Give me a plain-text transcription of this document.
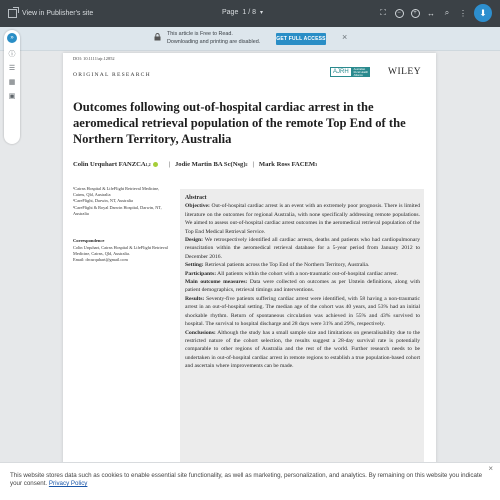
View in Publisher's site	Page 1 / 8 ▾	⛶	−	+	↔	⌕	⋮	⬇
This article is Free to Read.
Downloading and printing are disabled.	GET FULL ACCESS ×
»
ⓘ
☰
▦
▣
DOI: 10.1111/ajr.12852
ORIGINAL RESEARCH	AJRH	Australian
Rural Health
Alliance	WILEY
Outcomes following out-of-hospital cardiac arrest in the aeromedical retrieval population of the remote Top End of the Northern Territory, Australia
Colin Urquhart FANZCA 1,2	| Jodie Martin BA Sc(Nsg) 2 | Mark Ross FACEM 3
¹Cairns Hospital & LifeFlight Retrieval Medicine, Cairns, Qld, Australia
²CareFlight, Darwin, NT, Australia
³CareFlight & Royal Darwin Hospital, Darwin, NT, Australia
Correspondence
Colin Urquhart, Cairns Hospital & LifeFlight Retrieval Medicine, Cairns, Qld, Australia.
Email: drcurquhart@gmail.com
Abstract

Objective: Out-of-hospital cardiac arrest is an event with an extremely poor prognosis. There is limited literature on the outcomes for regional Australia, with none specifically addressing remote populations. We aimed to assess out-of-hospital cardiac arrest outcomes in the aeromedical retrieval population of the Top End Medical Retrieval Service.

Design: We retrospectively identified all cardiac arrests, deaths and patients who had cardiopulmonary resuscitation within the aeromedical retrieval database for a 5-year period from January 2012 to December 2016.

Setting: Retrieval patients across the Top End of the Northern Territory, Australia.

Participants: All patients within the cohort with a non-traumatic out-of-hospital cardiac arrest.

Main outcome measures: Data were collected on outcomes as per Utstein definitions, along with patient demographics, retrieval timings and interventions.

Results: Seventy-five patients suffering cardiac arrest were identified, with 58 having a non-traumatic arrest in an out-of-hospital setting. The median age of the cohort was 40 years, and 53% had an initial shockable rhythm. Return of spontaneous circulation was achieved in 55% and 43% survived to hospital. The survival to hospital discharge and 28 days were 31% and 29%, respectively.

Conclusions: Although the study has a small sample size and limitations on generalisability due to the restricted nature of the cohort selection, the results suggest a 28-day survival rate is potentially comparable to other regions of Australia and the rest of the world. Further research needs to be undertaken in out-of-hospital cardiac arrest in remote regions to establish a true population-based cohort and ascertain where improvements can be made.

This website stores data such as cookies to enable essential site functionality, as well as marketing, personalization, and analytics. By remaining on this website you indicate your consent. Privacy Policy
×
